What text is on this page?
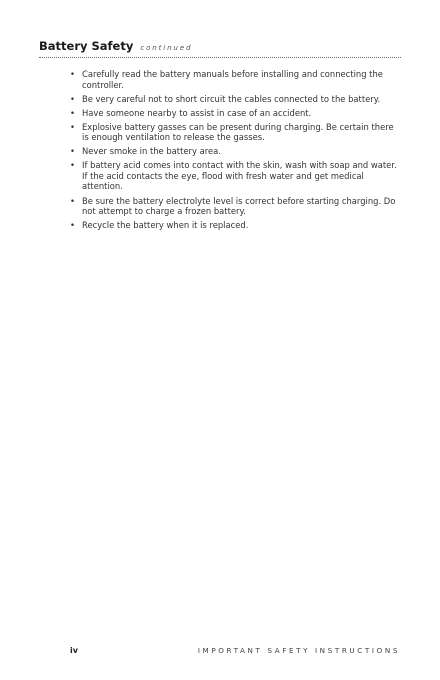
Battery Safety continued
• Carefully read the battery manuals before installing and connecting the controller.
• Be very careful not to short circuit the cables connected to the battery.
• Have someone nearby to assist in case of an accident.
• Explosive battery gasses can be present during charging. Be certain there is enough ventilation to release the gasses.
• Never smoke in the battery area.
• If battery acid comes into contact with the skin, wash with soap and water. If the acid contacts the eye, flood with fresh water and get medical attention.
• Be sure the battery electrolyte level is correct before starting charging. Do not attempt to charge a frozen battery.
• Recycle the battery when it is replaced.
iv	IMPORTANT SAFETY INSTRUCTIONS
